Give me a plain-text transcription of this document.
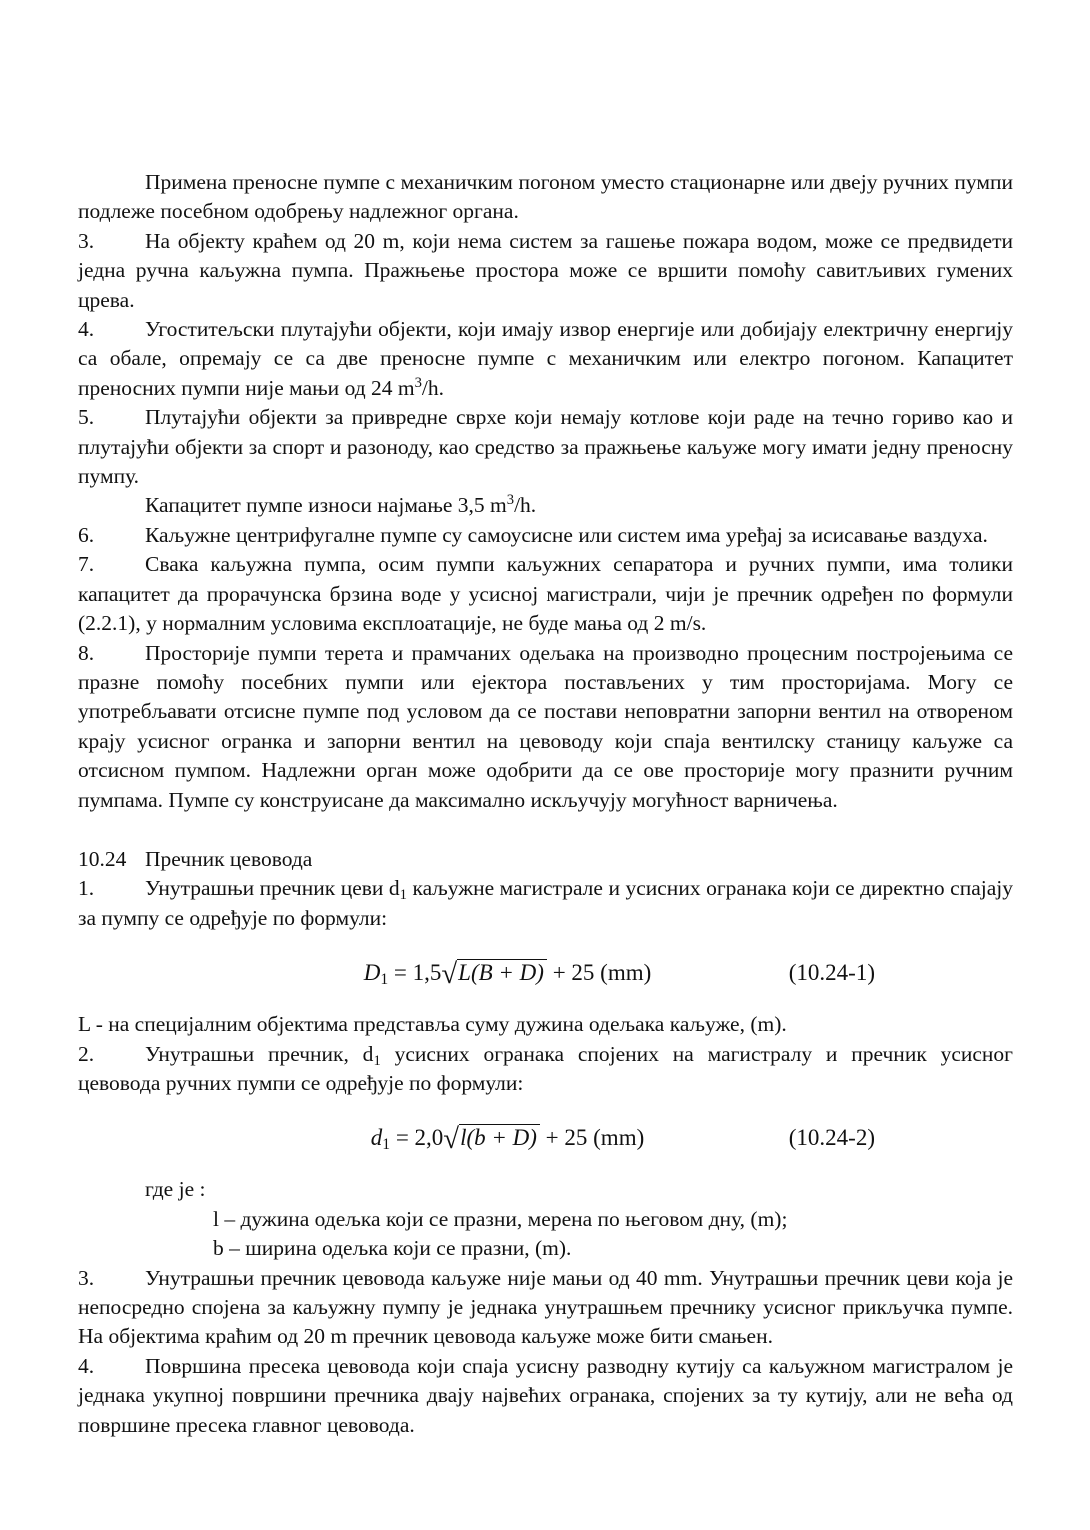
Примена преносне пумпе с механичким погоном уместо стационарне или двеју ручних пумпи подлеже посебном одобрењу надлежног органа.

3. На објекту краћем од 20 m, који нема систем за гашење пожара водом, може се предвидети једна ручна каљужна пумпа. Пражњење простора може се вршити помоћу савитљивих гумених црева.

4. Угоститељски плутајући објекти, који имају извор енергије или добијају електричну енергију са обале, опремају се са две преносне пумпе с механичким или електро погоном. Капацитет преносних пумпи није мањи од 24 $m^3/h$.

5. Плутајући објекти за привредне сврхе који немају котлове који раде на течно гориво као и плутајући објекти за спорт и разоноду, као средство за пражњење каљуже могу имати једну преносну пумпу.

Капацитет пумпе износи најмање 3,5 $m^3/h$.

6. Каљужне центрифугалне пумпе су самоусисне или систем има уређај за исисавање ваздуха.

7. Свака каљужна пумпа, осим пумпи каљужних сепаратора и ручних пумпи, има толики капацитет да прорачунска брзина воде у усисној магистрали, чији је пречник одређен по формули (2.2.1), у нормалним условима експлоатације, не буде мања од 2 m/s.

8. Просторије пумпи терета и прамчаних одељака на производно процесним постројењима се празне помоћу посебних пумпи или ејектора постављених у тим просторијама. Могу се употребљавати отсисне пумпе под условом да се постави неповратни запорни вентил на отвореном крају усисног огранка и запорни вентил на цевоводу који спаја вентилску станицу каљуже са отсисном пумпом. Надлежни орган може одобрити да се ове просторије могу празнити ручним пумпама. Пумпе су конструисане да максимално искључују могућност варничења.

10.24 Пречник цевовода

1. Унутрашњи пречник цеви $d_1$ каљужне магистрале и усисних огранака који се директно спајају за пумпу се одређује по формули:

$D_1 = 1,5√L(B + D) + 25$ (mm)	(10.24-1)

L - на специјалним објектима представља суму дужина одељака каљуже, (m).

2. Унутрашњи пречник, $d_1$ усисних огранака спојених на магистралу и пречник усисног цевовода ручних пумпи се одређује по формули:

$d_1 = 2,0√l(b + D) + 25$ (mm)	(10.24-2)

где је :

l – дужина одељка који се празни, мерена по његовом дну, (m);

b – ширина одељка који се празни, (m).

3. Унутрашњи пречник цевовода каљуже није мањи од 40 mm. Унутрашњи пречник цеви која је непосредно спојена за каљужну пумпу је једнака унутрашњем пречнику усисног прикључка пумпе. На објектима краћим од 20 m пречник цевовода каљуже може бити смањен.

4. Површина пресека цевовода који спаја усисну разводну кутију са каљужном магистралом је једнака укупној површини пречника двају највећих огранака, спојених за ту кутију, али не већа од површине пресека главног цевовода.
